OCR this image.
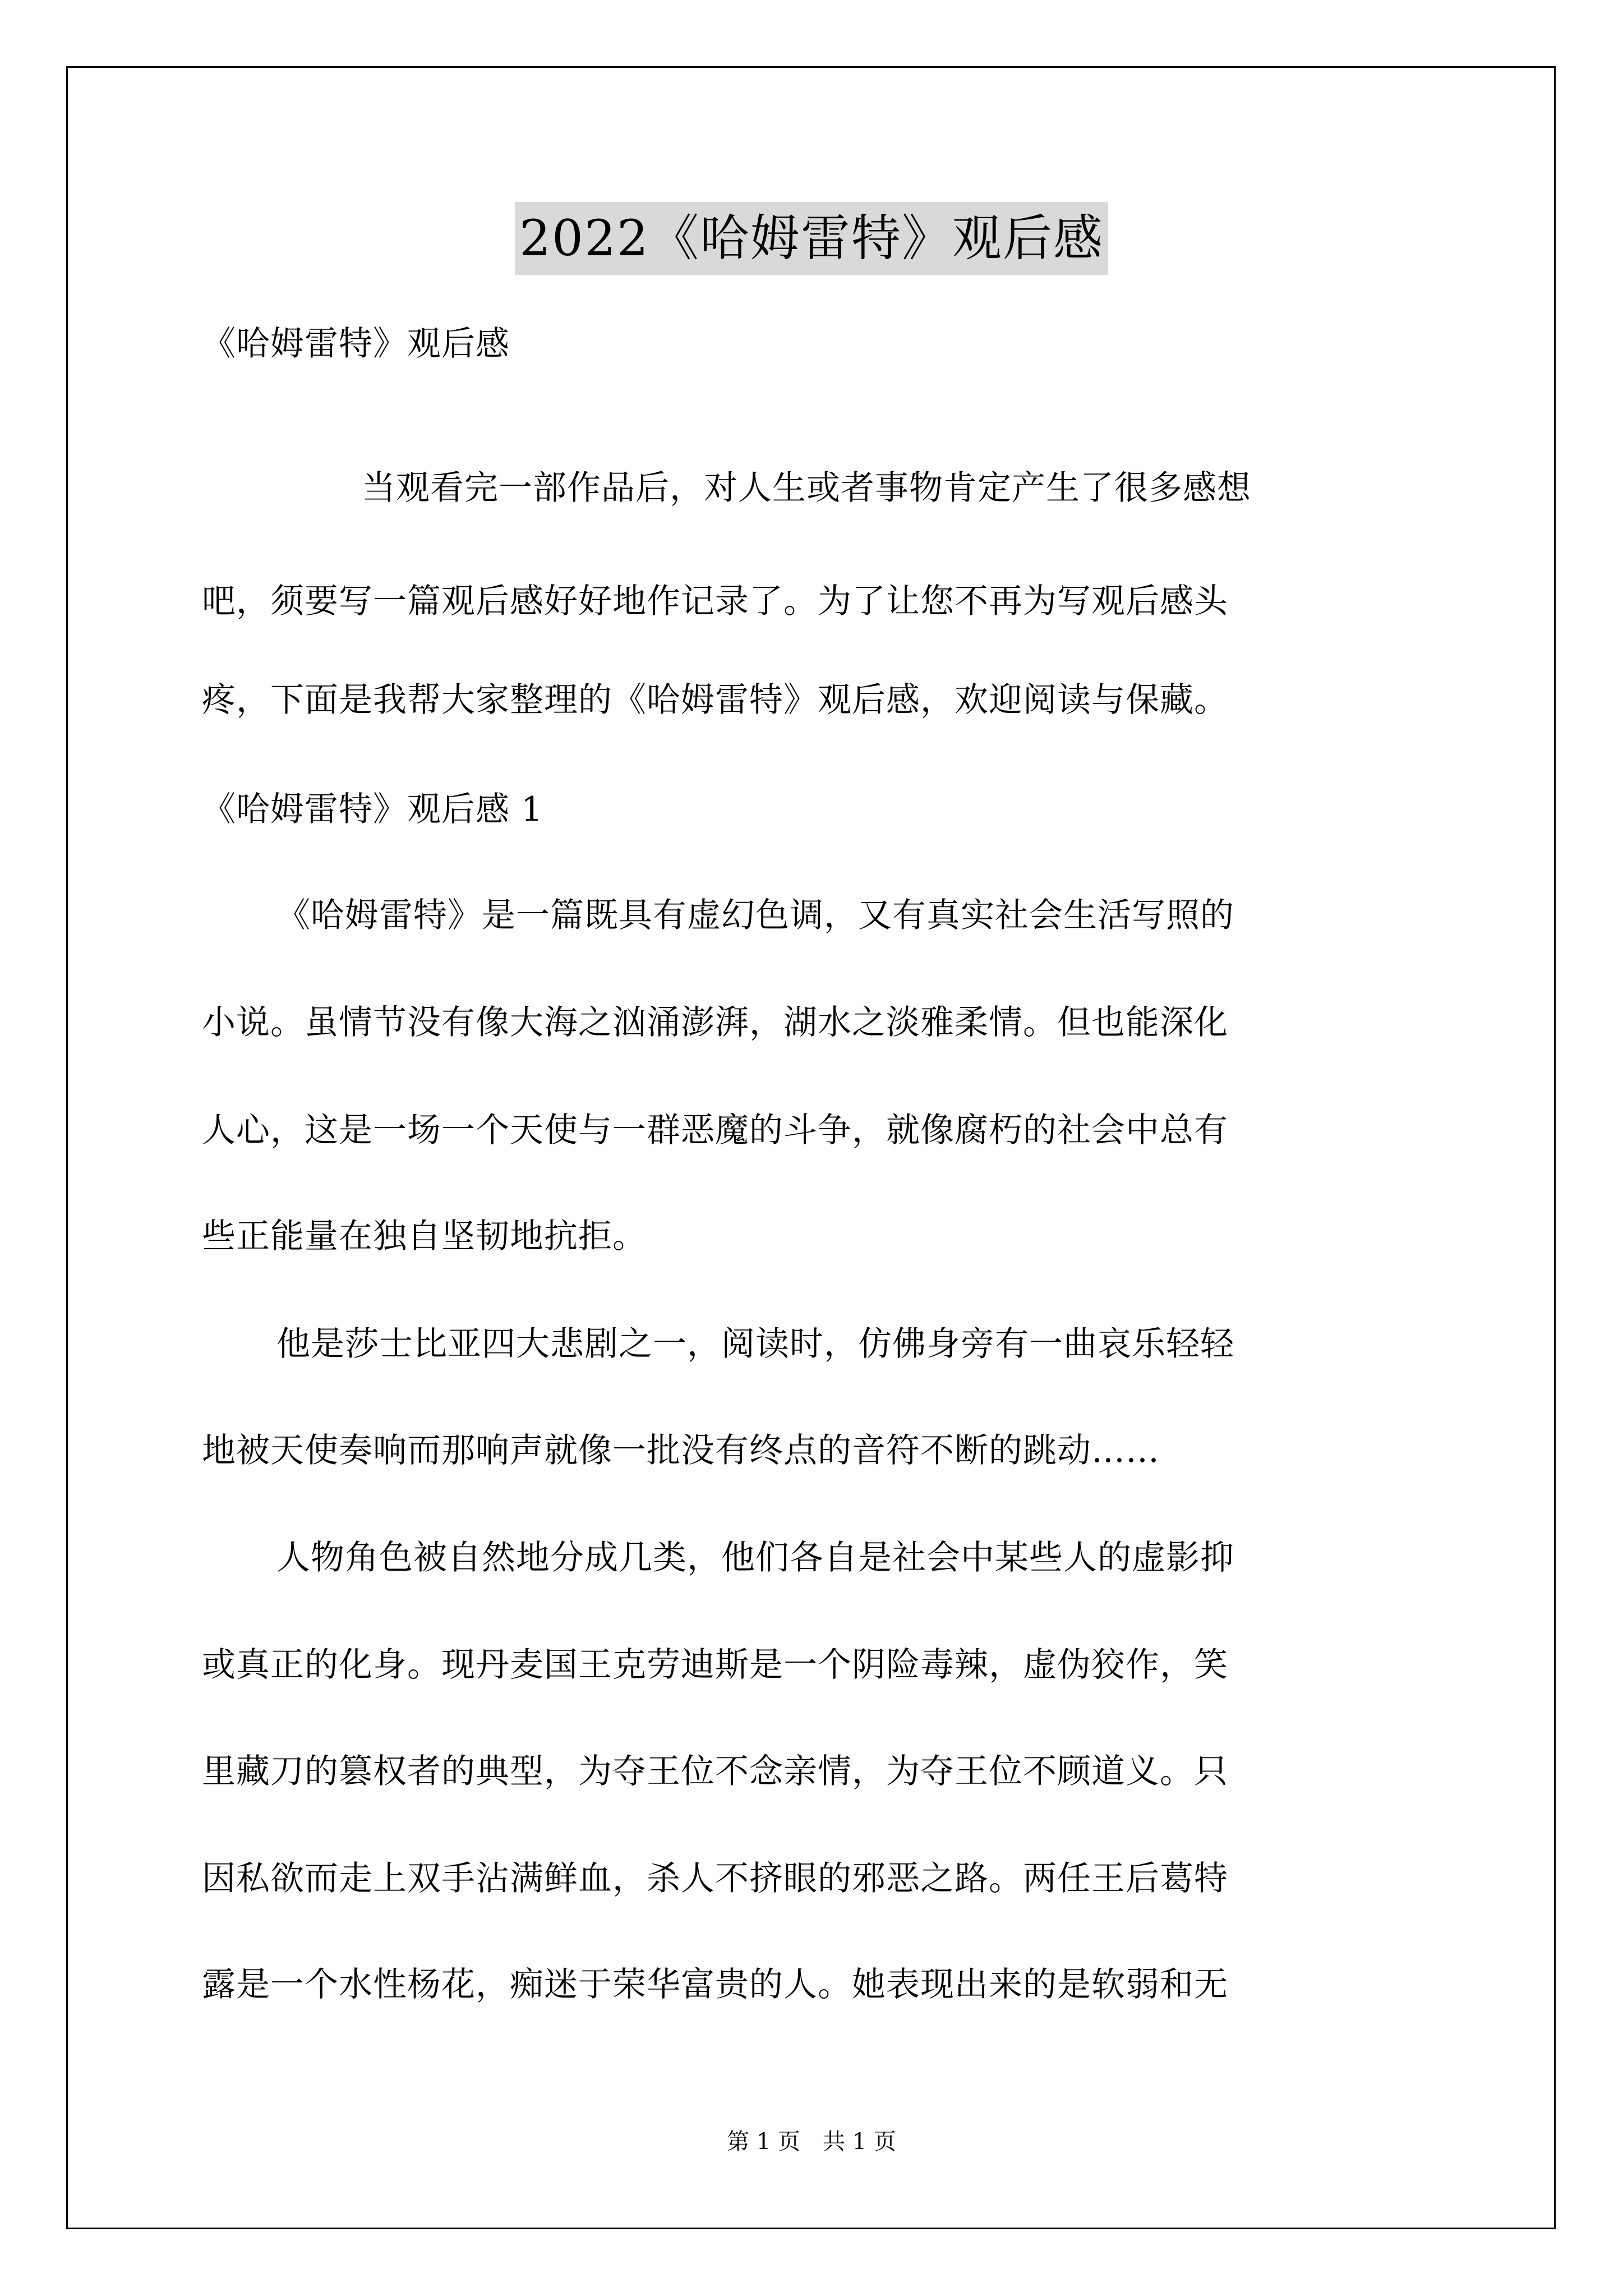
2022《哈姆雷特》观后感
《哈姆雷特》观后感
当观看完一部作品后，对人生或者事物肯定产生了很多感想
吧，须要写一篇观后感好好地作记录了。为了让您不再为写观后感头
疼，下面是我帮大家整理的《哈姆雷特》观后感，欢迎阅读与保藏。
《哈姆雷特》观后感 1
《哈姆雷特》是一篇既具有虚幻色调，又有真实社会生活写照的
小说。虽情节没有像大海之汹涌澎湃，湖水之淡雅柔情。但也能深化
人心，这是一场一个天使与一群恶魔的斗争，就像腐朽的社会中总有
些正能量在独自坚韧地抗拒。
他是莎士比亚四大悲剧之一，阅读时，仿佛身旁有一曲哀乐轻轻
地被天使奏响而那响声就像一批没有终点的音符不断的跳动……
人物角色被自然地分成几类，他们各自是社会中某些人的虚影抑
或真正的化身。现丹麦国王克劳迪斯是一个阴险毒辣，虚伪狡作，笑
里藏刀的篡权者的典型，为夺王位不念亲情，为夺王位不顾道义。只
因私欲而走上双手沾满鲜血，杀人不挤眼的邪恶之路。两任王后葛特
露是一个水性杨花，痴迷于荣华富贵的人。她表现出来的是软弱和无
第 1 页　共 1 页
